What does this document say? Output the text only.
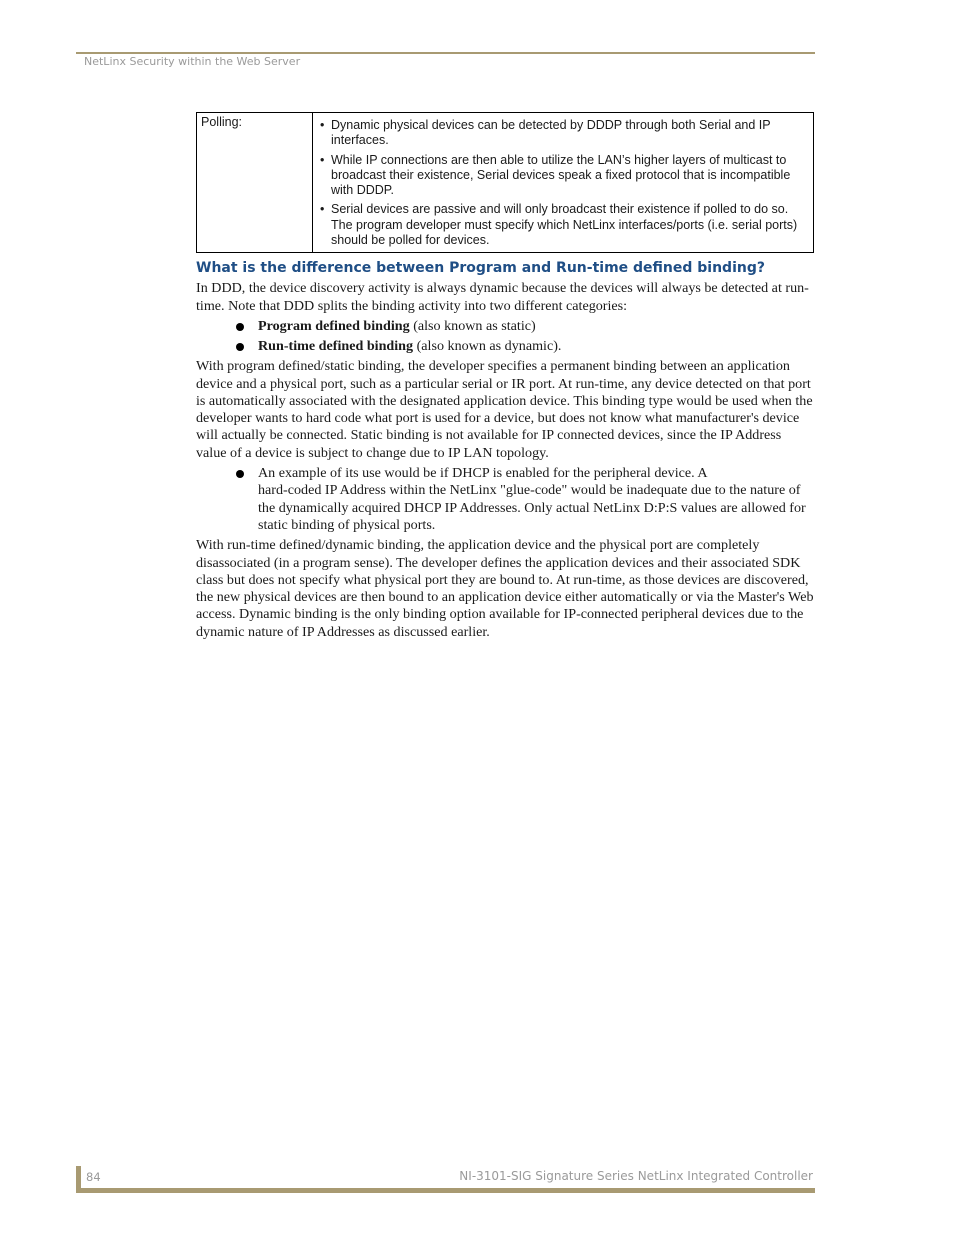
NetLinx Security within the Web Server
Polling:	• Dynamic physical devices can be detected by DDDP through both Serial and IP interfaces.
• While IP connections are then able to utilize the LAN’s higher layers of multicast to broadcast their existence, Serial devices speak a fixed protocol that is incompatible with DDDP.
• Serial devices are passive and will only broadcast their existence if polled to do so. The program developer must specify which NetLinx interfaces/ports (i.e. serial ports) should be polled for devices.
What is the difference between Program and Run-time defined binding?

In DDD, the device discovery activity is always dynamic because the devices will always be detected at run-time. Note that DDD splits the binding activity into two different categories:

Program defined binding (also known as static)
Run-time defined binding (also known as dynamic).

With program defined/static binding, the developer specifies a permanent binding between an application device and a physical port, such as a particular serial or IR port. At run-time, any device detected on that port is automatically associated with the designated application device. This binding type would be used when the developer wants to hard code what port is used for a device, but does not know what manufacturer's device will actually be connected. Static binding is not available for IP connected devices, since the IP Address value of a device is subject to change due to IP LAN topology.

An example of its use would be if DHCP is enabled for the peripheral device. A
hard-coded IP Address within the NetLinx "glue-code" would be inadequate due to the nature of the dynamically acquired DHCP IP Addresses. Only actual NetLinx D:P:S values are allowed for static binding of physical ports.

With run-time defined/dynamic binding, the application device and the physical port are completely disassociated (in a program sense). The developer defines the application devices and their associated SDK class but does not specify what physical port they are bound to. At run-time, as those devices are discovered, the new physical devices are then bound to an application device either automatically or via the Master's Web access. Dynamic binding is the only binding option available for IP-connected peripheral devices due to the dynamic nature of IP Addresses as discussed earlier.

84	NI-3101-SIG Signature Series NetLinx Integrated Controller
